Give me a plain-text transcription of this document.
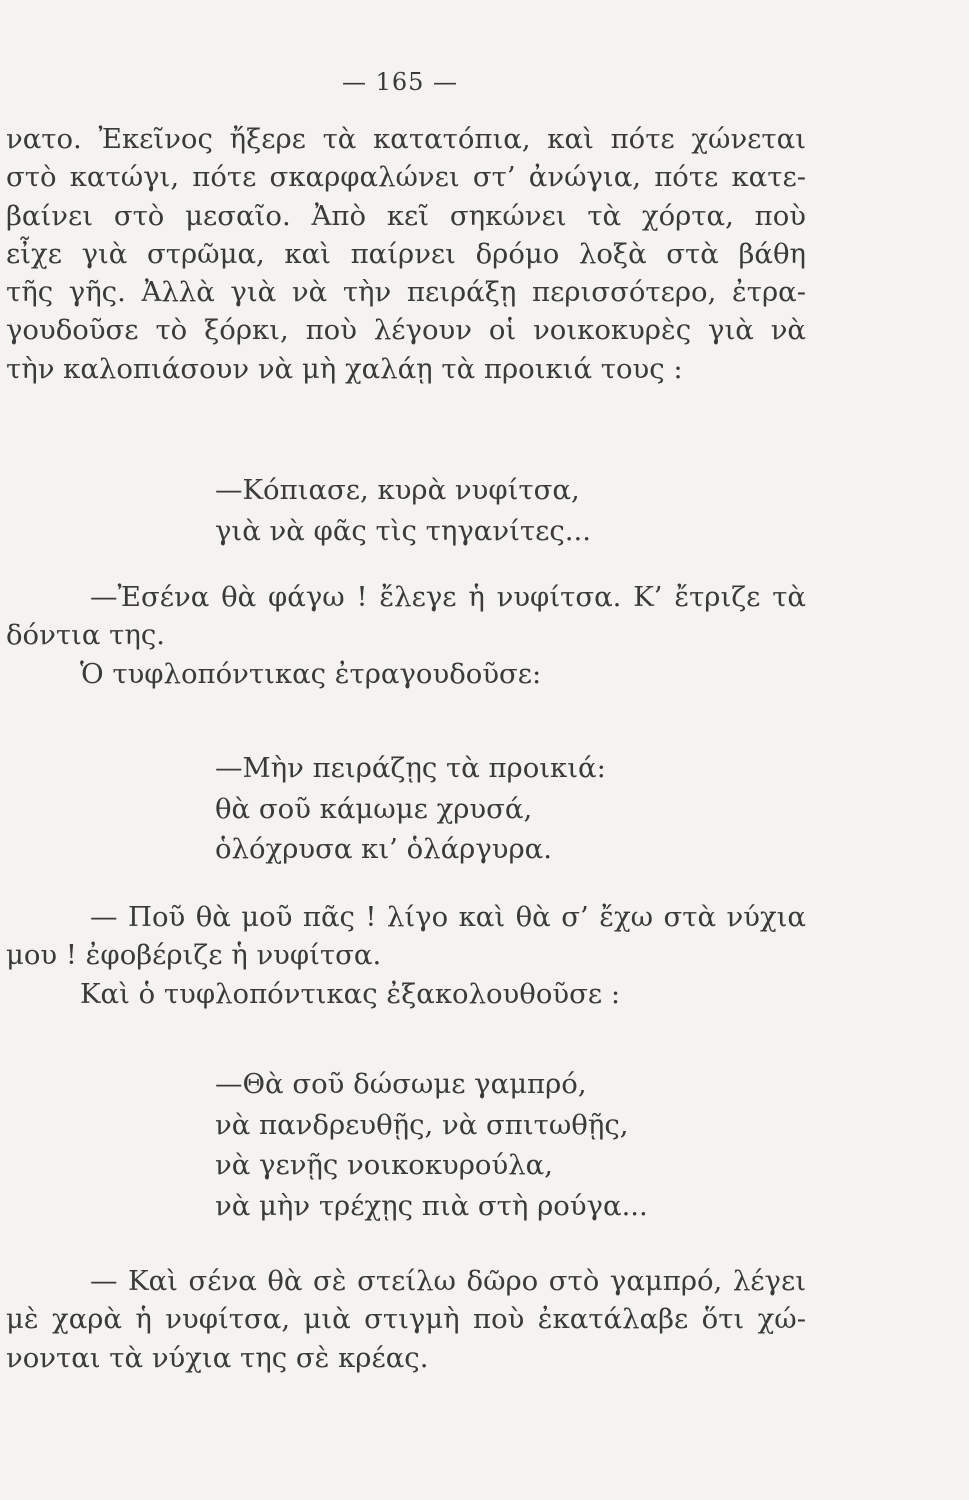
— 165 —
νατο. Ἐκεῖνος ἤξερε τὰ κατατόπια, καὶ πότε χώνεται
στὸ κατώγι, πότε σκαρφαλώνει στ’ ἀνώγια, πότε κατε-
βαίνει στὸ μεσαῖο. Ἀπὸ κεῖ σηκώνει τὰ χόρτα, ποὺ
εἶχε γιὰ στρῶμα, καὶ παίρνει δρόμο λοξὰ στὰ βάθη
τῆς γῆς. Ἀλλὰ γιὰ νὰ τὴν πειράξῃ περισσότερο, ἐτρα-
γουδοῦσε τὸ ξόρκι, ποὺ λέγουν οἱ νοικοκυρὲς γιὰ νὰ
τὴν καλοπιάσουν νὰ μὴ χαλάῃ τὰ προικιά τους :
—Κόπιασε, κυρὰ νυφίτσα,
γιὰ νὰ φᾶς τὶς τηγανίτες...
—Ἐσένα θὰ φάγω ! ἔλεγε ἡ νυφίτσα. Κ’ ἔτριζε τὰ
δόντια της.
Ὁ τυφλοπόντικας ἐτραγουδοῦσε:
—Μὴν πειράζῃς τὰ προικιά:
θὰ σοῦ κάμωμε χρυσά,
ὁλόχρυσα κι’ ὁλάργυρα.
— Ποῦ θὰ μοῦ πᾶς ! λίγο καὶ θὰ σ’ ἔχω στὰ νύχια
μου ! ἐφοβέριζε ἡ νυφίτσα.
Καὶ ὁ τυφλοπόντικας ἐξακολουθοῦσε :
—Θὰ σοῦ δώσωμε γαμπρό,
νὰ πανδρευθῇς, νὰ σπιτωθῇς,
νὰ γενῇς νοικοκυρούλα,
νὰ μὴν τρέχῃς πιὰ στὴ ρούγα...
— Καὶ σένα θὰ σὲ στείλω δῶρο στὸ γαμπρό, λέγει
μὲ χαρὰ ἡ νυφίτσα, μιὰ στιγμὴ ποὺ ἐκατάλαβε ὅτι χώ-
νονται τὰ νύχια της σὲ κρέας.
